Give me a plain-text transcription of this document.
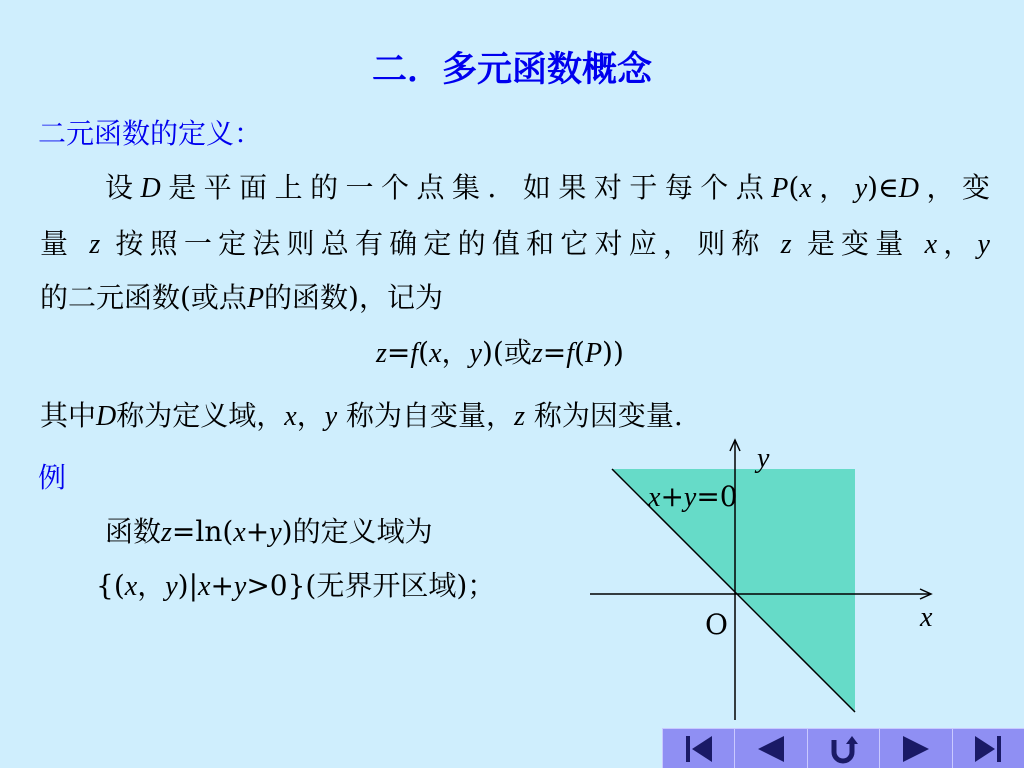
二．多元函数概念
二元函数的定义：
设D是平面上的一个点集．如果对于每个点P(x，y)∈D，变
量 z 按照一定法则总有确定的值和它对应，则称 z 是变量 x，y
的二元函数(或点P的函数)，记为
z=f(x，y)(或z=f(P))
其中D称为定义域，x，y 称为自变量，z 称为因变量.
例
函数z=ln(x+y)的定义域为
{(x，y)|x+y>0}(无界开区域)；
y
x
O
x+y=0
